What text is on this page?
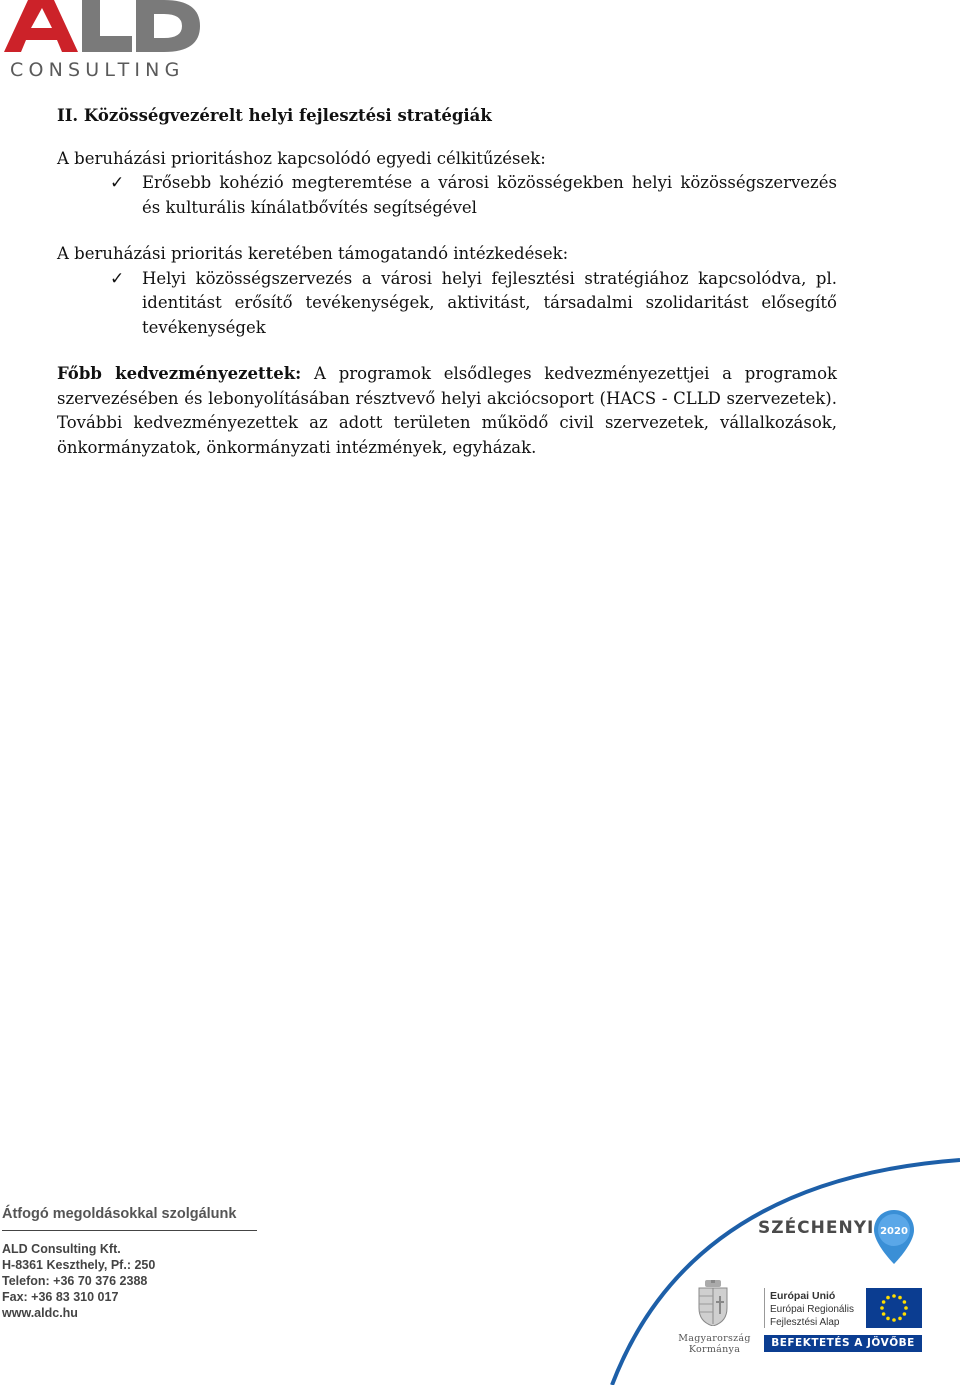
CONSULTING
II. Közösségvezérelt helyi fejlesztési stratégiák

A beruházási prioritáshoz kapcsolódó egyedi célkitűzések:

✓ Erősebb kohézió megteremtése a városi közösségekben helyi közösségszervezés és kulturális kínálatbővítés segítségével

A beruházási prioritás keretében támogatandó intézkedések:

✓ Helyi közösségszervezés a városi helyi fejlesztési stratégiához kapcsolódva, pl. identitást erősítő tevékenységek, aktivitást, társadalmi szolidaritást elősegítő tevékenységek

Főbb kedvezményezettek: A programok elsődleges kedvezményezettjei a programok szervezésében és lebonyolításában résztvevő helyi akciócsoport (HACS - CLLD szervezetek). További kedvezményezettek az adott területen működő civil szervezetek, vállalkozások, önkormányzatok, önkormányzati intézmények, egyházak.

Átfogó megoldásokkal szolgálunk
ALD Consulting Kft.
H-8361 Keszthely, Pf.: 250
Telefon: +36 70 376 2388
Fax: +36 83 310 017
www.aldc.hu
SZÉCHENYI 2020
Magyarország
Kormánya
Európai Unió
Európai Regionális
Fejlesztési Alap
BEFEKTETÉS A JÖVŐBE
